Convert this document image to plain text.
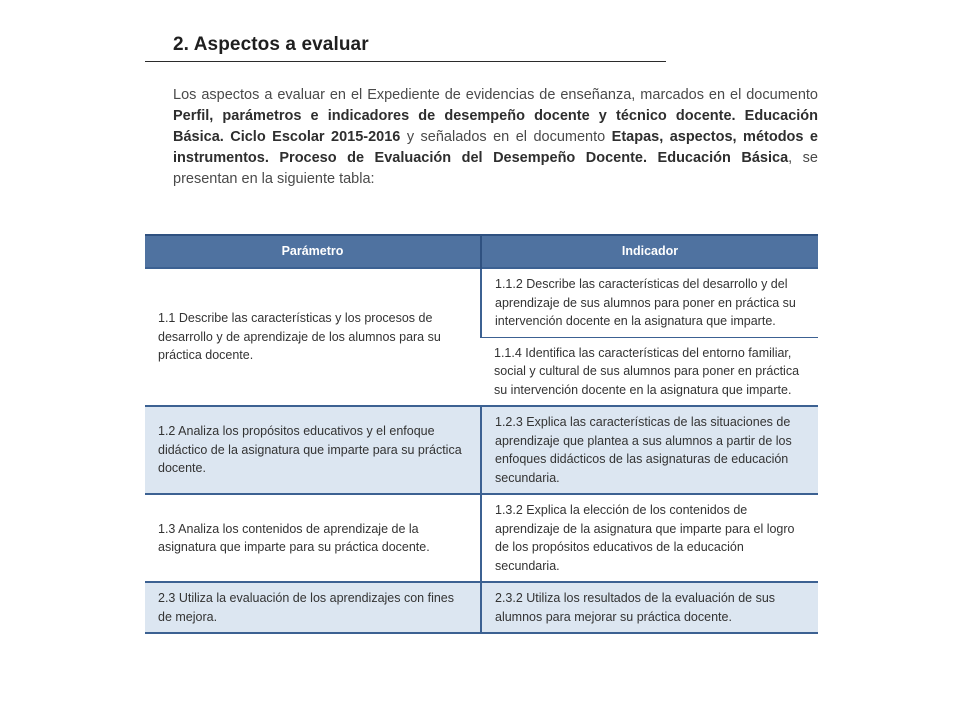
2. Aspectos a evaluar

Los aspectos a evaluar en el Expediente de evidencias de enseñanza, marcados en el documento Perfil, parámetros e indicadores de desempeño docente y técnico docente. Educación Básica. Ciclo Escolar 2015-2016 y señalados en el documento Etapas, aspectos, métodos e instrumentos. Proceso de Evaluación del Desempeño Docente. Educación Básica, se presentan en la siguiente tabla:

Parámetro	Indicador
1.1 Describe las características y los procesos de desarrollo y de aprendizaje de los alumnos para su práctica docente.	1.1.2 Describe las características del desarrollo y del aprendizaje de sus alumnos para poner en práctica su intervención docente en la asignatura que imparte.
	1.1.4 Identifica las características del entorno familiar, social y cultural de sus alumnos para poner en práctica su intervención docente en la asignatura que imparte.
1.2 Analiza los propósitos educativos y el enfoque didáctico de la asignatura que imparte para su práctica docente.	1.2.3 Explica las características de las situaciones de aprendizaje que plantea a sus alumnos a partir de los enfoques didácticos de las asignaturas de educación secundaria.
1.3 Analiza los contenidos de aprendizaje de la asignatura que imparte para su práctica docente.	1.3.2 Explica la elección de los contenidos de aprendizaje de la asignatura que imparte para el logro de los propósitos educativos de la educación secundaria.
2.3 Utiliza la evaluación de los aprendizajes con fines de mejora.	2.3.2 Utiliza los resultados de la evaluación de sus alumnos para mejorar su práctica docente.
